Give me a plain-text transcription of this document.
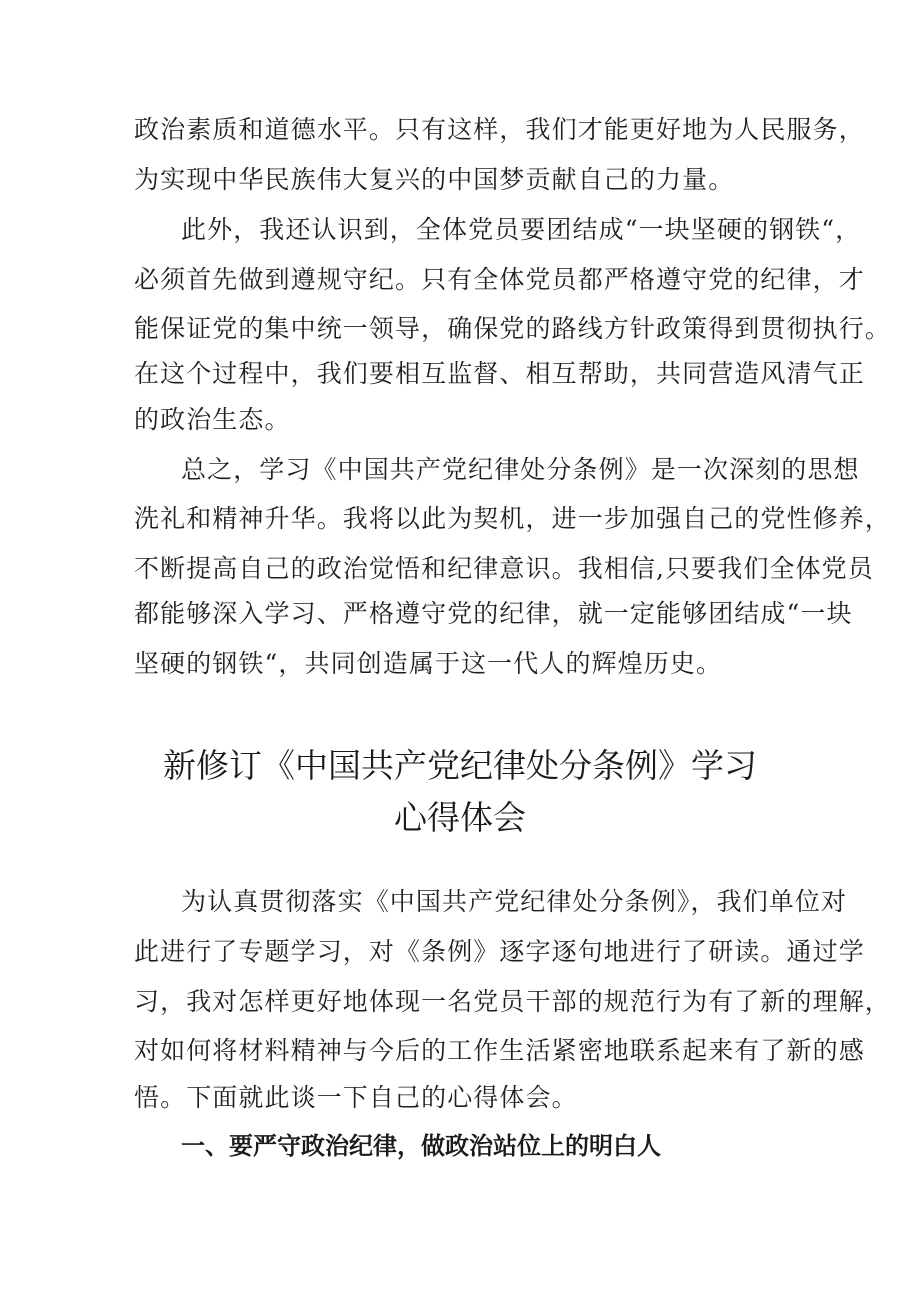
政治素质和道德水平。只有这样，我们才能更好地为人民服务，
为实现中华民族伟大复兴的中国梦贡献自己的力量。
此外，我还认识到，全体党员要团结成“一块坚硬的钢铁“，
必须首先做到遵规守纪。只有全体党员都严格遵守党的纪律，才
能保证党的集中统一领导，确保党的路线方针政策得到贯彻执行。
在这个过程中，我们要相互监督、相互帮助，共同营造风清气正
的政治生态。
总之，学习《中国共产党纪律处分条例》是一次深刻的思想
洗礼和精神升华。我将以此为契机，进一步加强自己的党性修养，
不断提高自己的政治觉悟和纪律意识。我相信,只要我们全体党员
都能够深入学习、严格遵守党的纪律，就一定能够团结成“一块
坚硬的钢铁“，共同创造属于这一代人的辉煌历史。
新修订《中国共产党纪律处分条例》学习
心得体会
为认真贯彻落实《中国共产党纪律处分条例》，我们单位对
此进行了专题学习，对《条例》逐字逐句地进行了研读。通过学
习，我对怎样更好地体现一名党员干部的规范行为有了新的理解，
对如何将材料精神与今后的工作生活紧密地联系起来有了新的感
悟。下面就此谈一下自己的心得体会。
一、要严守政治纪律，做政治站位上的明白人
